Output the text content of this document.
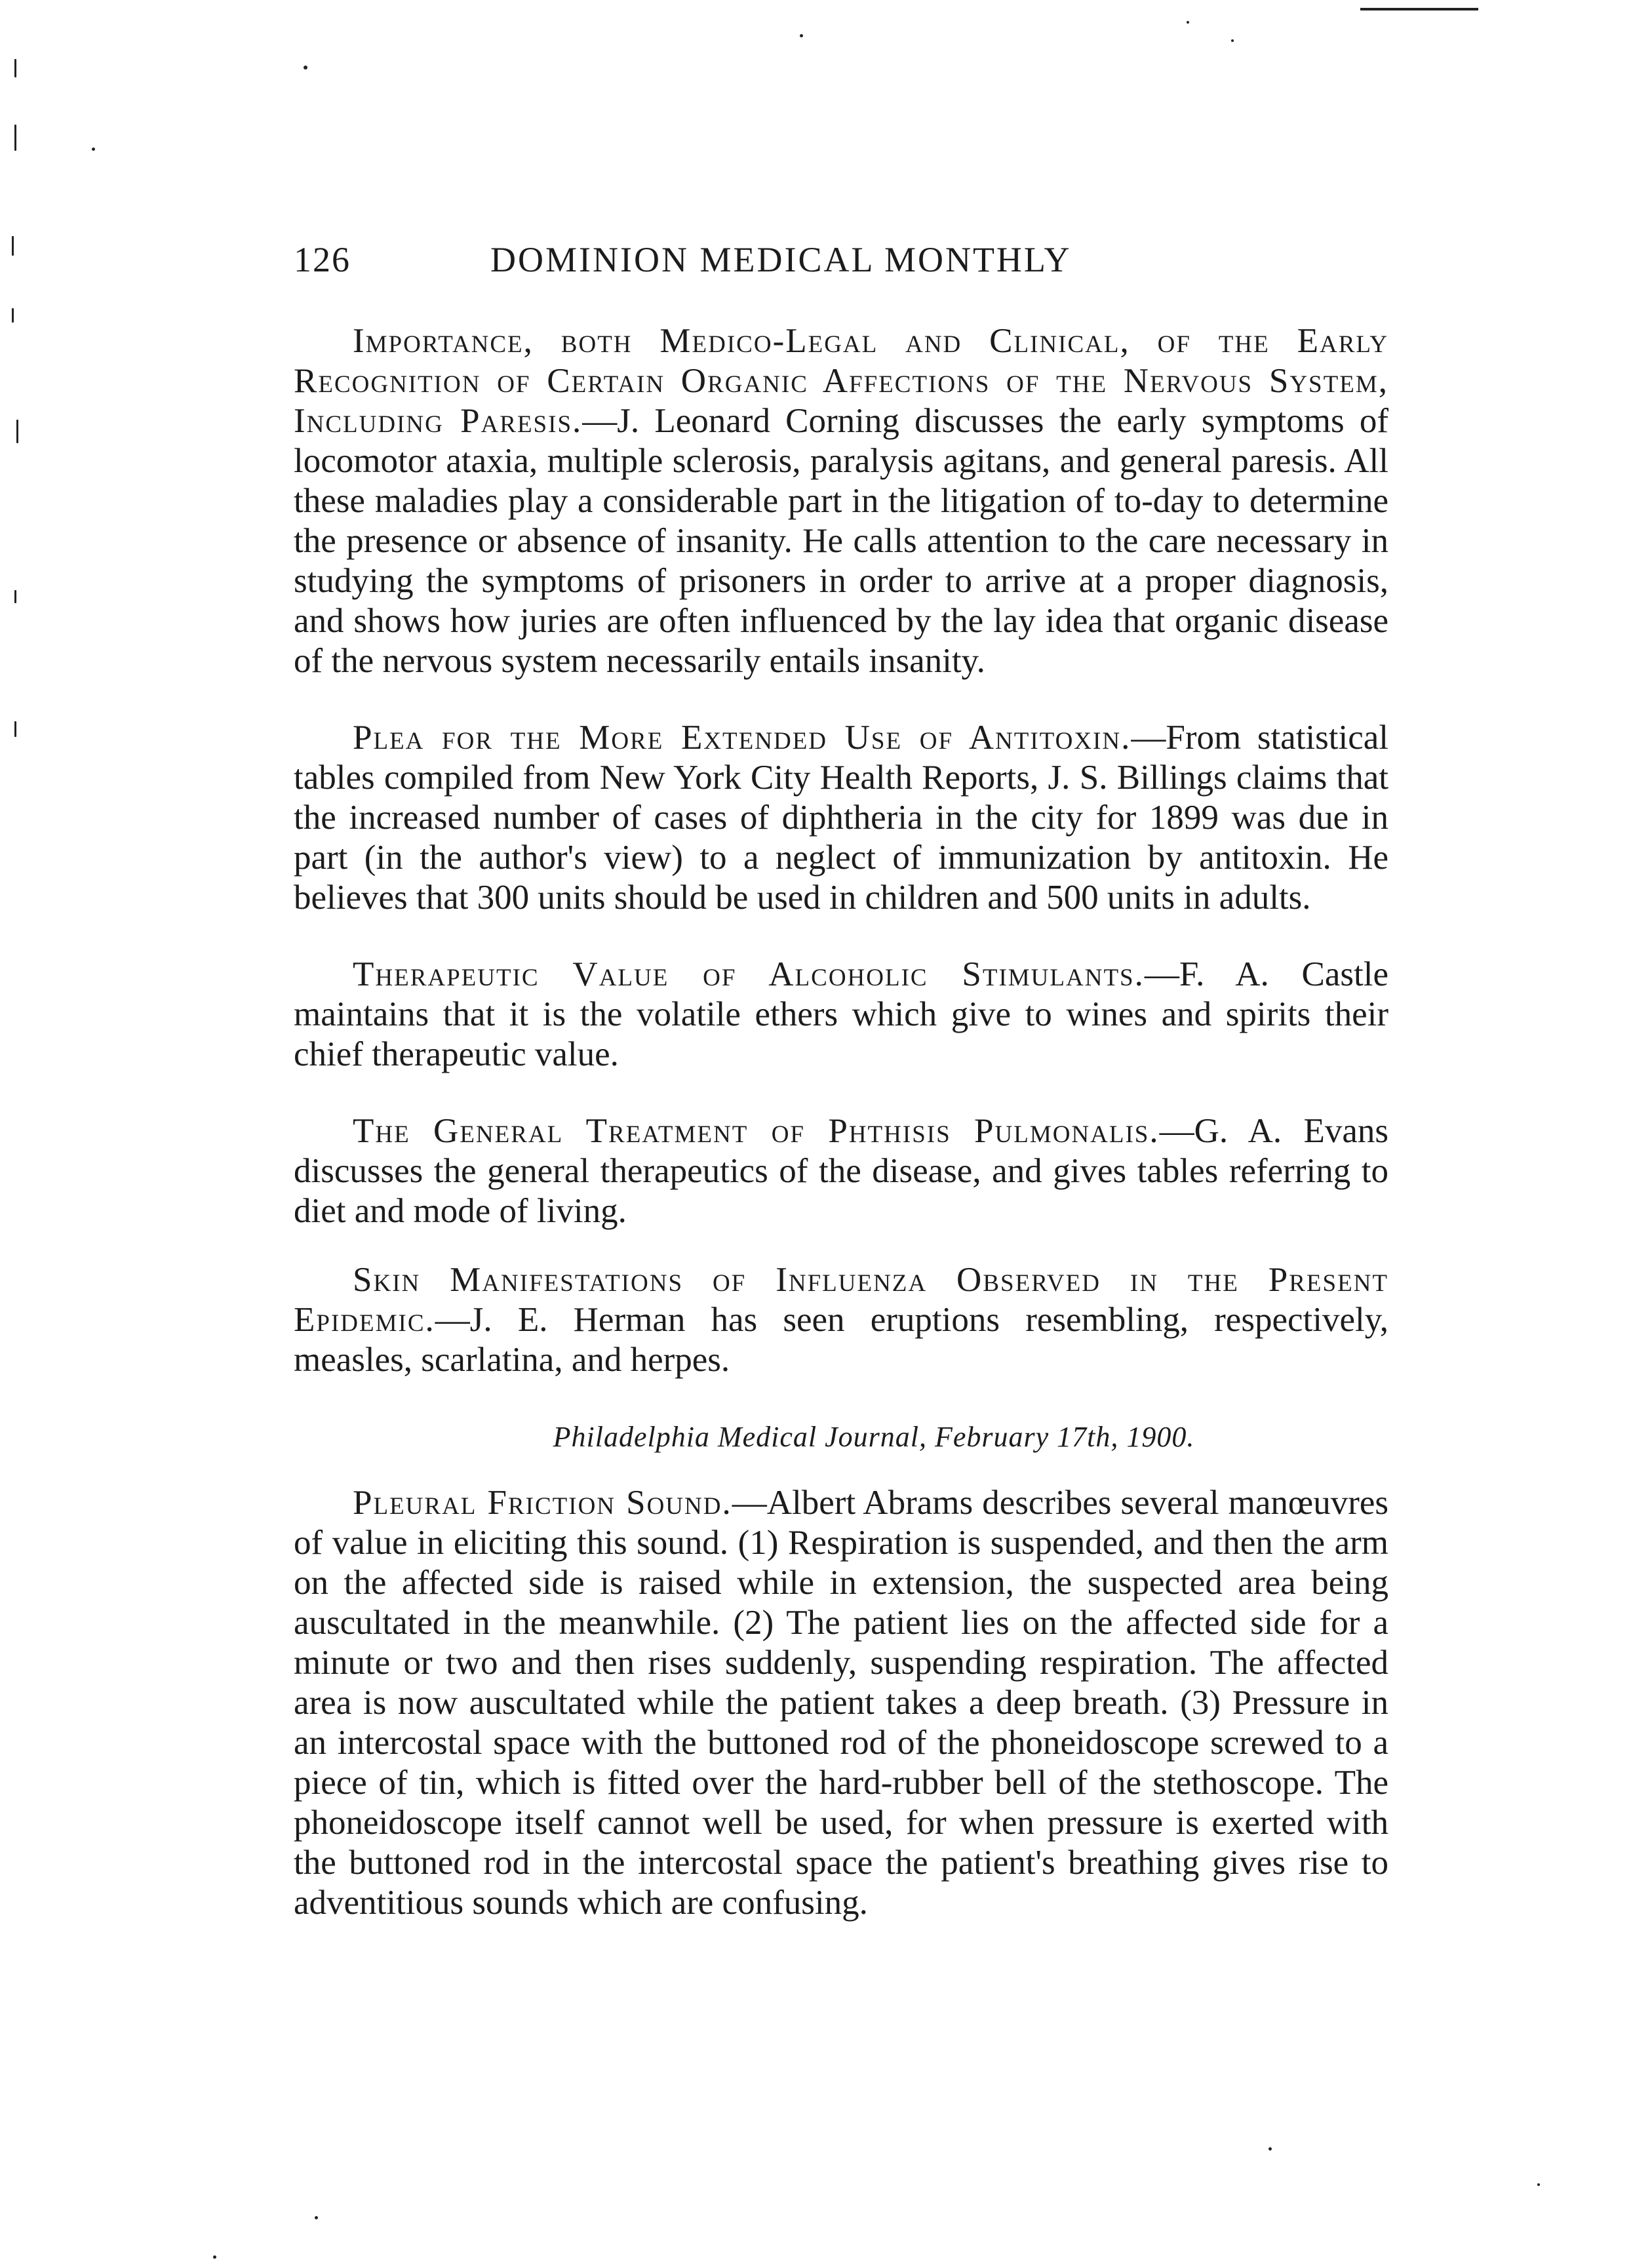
126	DOMINION MEDICAL MONTHLY

Importance, both Medico-Legal and Clinical, of the Early Recognition of Certain Organic Affections of the Nervous System, Including Paresis.—J. Leonard Corning discusses the early symptoms of locomotor ataxia, multiple sclerosis, paralysis agitans, and general paresis. All these maladies play a considerable part in the litigation of to-day to determine the presence or absence of insanity. He calls attention to the care necessary in studying the symptoms of prisoners in order to arrive at a proper diagnosis, and shows how juries are often influenced by the lay idea that organic disease of the nervous system necessarily entails insanity.

Plea for the More Extended Use of Antitoxin.—From statistical tables compiled from New York City Health Reports, J. S. Billings claims that the increased number of cases of diphtheria in the city for 1899 was due in part (in the author's view) to a neglect of immunization by antitoxin. He believes that 300 units should be used in children and 500 units in adults.

Therapeutic Value of Alcoholic Stimulants.—F. A. Castle maintains that it is the volatile ethers which give to wines and spirits their chief therapeutic value.

The General Treatment of Phthisis Pulmonalis.—G. A. Evans discusses the general therapeutics of the disease, and gives tables referring to diet and mode of living.

Skin Manifestations of Influenza Observed in the Present Epidemic.—J. E. Herman has seen eruptions resembling, respectively, measles, scarlatina, and herpes.

Philadelphia Medical Journal, February 17th, 1900.

Pleural Friction Sound.—Albert Abrams describes several manœuvres of value in eliciting this sound. (1) Respiration is suspended, and then the arm on the affected side is raised while in extension, the suspected area being auscultated in the meanwhile. (2) The patient lies on the affected side for a minute or two and then rises suddenly, suspending respiration. The affected area is now auscultated while the patient takes a deep breath. (3) Pressure in an intercostal space with the buttoned rod of the phoneidoscope screwed to a piece of tin, which is fitted over the hard-rubber bell of the stethoscope. The phoneidoscope itself cannot well be used, for when pressure is exerted with the buttoned rod in the intercostal space the patient's breathing gives rise to adventitious sounds which are confusing.
